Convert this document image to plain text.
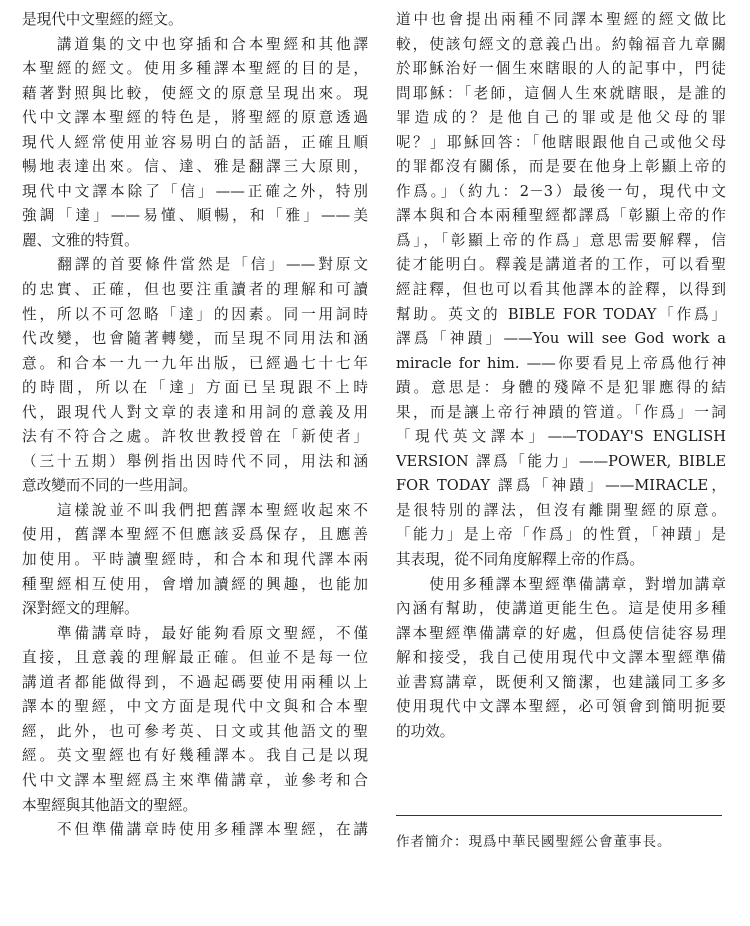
是現代中文聖經的經文。
　　講道集的文中也穿插和合本聖經和其他譯
本聖經的經文。使用多種譯本聖經的目的是，
藉著對照與比較，使經文的原意呈現出來。現
代中文譯本聖經的特色是，將聖經的原意透過
現代人經常使用並容易明白的話語，正確且順
暢地表達出來。信、達、雅是翻譯三大原則，
現代中文譯本除了「信」——正確之外，特別
強調「達」——易懂、順暢，和「雅」——美
麗、文雅的特質。
　　翻譯的首要條件當然是「信」——對原文
的忠實、正確，但也要注重讀者的理解和可讀
性，所以不可忽略「達」的因素。同一用詞時
代改變，也會隨著轉變，而呈現不同用法和涵
意。和合本一九一九年出版，已經過七十七年
的時間，所以在「達」方面已呈現跟不上時
代，跟現代人對文章的表達和用詞的意義及用
法有不符合之處。許牧世教授曾在「新使者」
（三十五期）舉例指出因時代不同，用法和涵
意改變而不同的一些用詞。
　　這樣說並不叫我們把舊譯本聖經收起來不
使用，舊譯本聖經不但應該妥爲保存，且應善
加使用。平時讀聖經時，和合本和現代譯本兩
種聖經相互使用，會增加讀經的興趣，也能加
深對經文的理解。
　　準備講章時，最好能夠看原文聖經，不僅
直接，且意義的理解最正確。但並不是每一位
講道者都能做得到，不過起碼要使用兩種以上
譯本的聖經，中文方面是現代中文與和合本聖
經，此外，也可參考英、日文或其他語文的聖
經。英文聖經也有好幾種譯本。我自己是以現
代中文譯本聖經爲主來準備講章，並參考和合
本聖經與其他語文的聖經。
　　不但準備講章時使用多種譯本聖經，在講
道中也會提出兩種不同譯本聖經的經文做比
較，使該句經文的意義凸出。約翰福音九章關
於耶穌治好一個生來瞎眼的人的記事中，門徒
問耶穌：「老師，這個人生來就瞎眼，是誰的
罪造成的？是他自己的罪或是他父母的罪
呢？」耶穌回答：「他瞎眼跟他自己或他父母
的罪都沒有關係，而是要在他身上彰顯上帝的
作爲。」（約九：2－3）最後一句，現代中文
譯本與和合本兩種聖經都譯爲「彰顯上帝的作
爲」，「彰顯上帝的作爲」意思需要解釋，信
徒才能明白。釋義是講道者的工作，可以看聖
經註釋，但也可以看其他譯本的詮釋，以得到
幫助。英文的 BIBLE FOR TODAY「作爲」
譯爲「神蹟」——You will see God work a
miracle for him. ——你要看見上帝爲他行神
蹟。意思是：身體的殘障不是犯罪應得的結
果，而是讓上帝行神蹟的管道。「作爲」一詞
「現代英文譯本」——TODAY'S ENGLISH
VERSION 譯爲「能力」——POWER, BIBLE
FOR TODAY 譯爲「神蹟」——MIRACLE，
是很特別的譯法，但沒有離開聖經的原意。
「能力」是上帝「作爲」的性質，「神蹟」是
其表現，從不同角度解釋上帝的作爲。
　　使用多種譯本聖經準備講章，對增加講章
內涵有幫助，使講道更能生色。這是使用多種
譯本聖經準備講章的好處，但爲使信徒容易理
解和接受，我自己使用現代中文譯本聖經準備
並書寫講章，既便利又簡潔，也建議同工多多
使用現代中文譯本聖經，必可領會到簡明扼要
的功效。
作者簡介：現爲中華民國聖經公會董事長。
